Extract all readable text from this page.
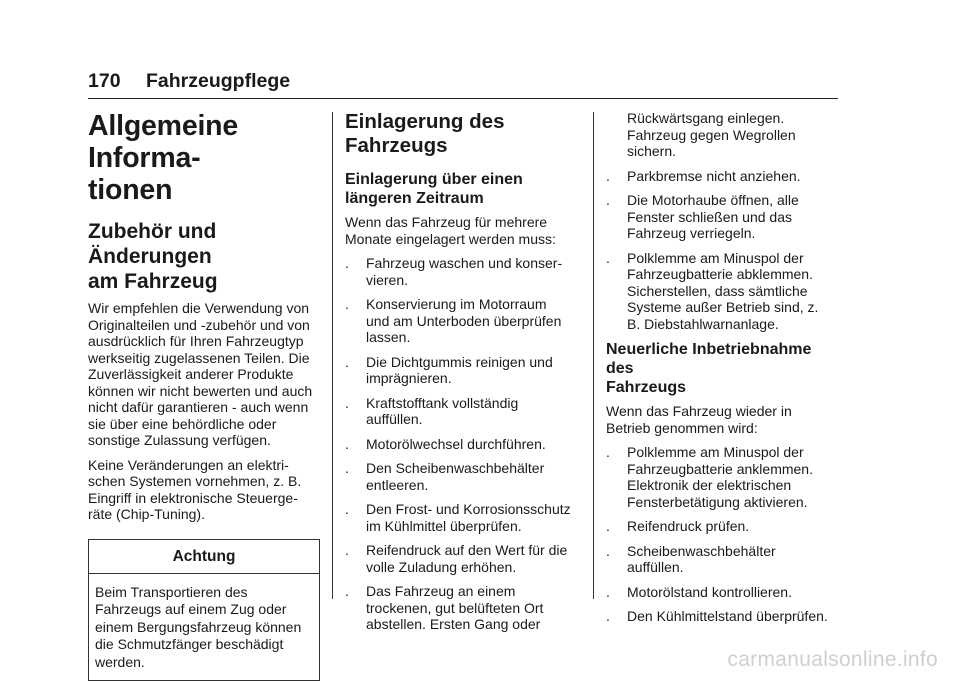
170 Fahrzeugpflege
Allgemeine Informa-
tionen
Zubehör und Änderungen
am Fahrzeug

Wir empfehlen die Verwendung von
Originalteilen und -zubehör und von
ausdrücklich für Ihren Fahrzeugtyp
werkseitig zugelassenen Teilen. Die
Zuverlässigkeit anderer Produkte
können wir nicht bewerten und auch
nicht dafür garantieren - auch wenn
sie über eine behördliche oder
sonstige Zulassung verfügen.

Keine Veränderungen an elektri-
schen Systemen vornehmen, z. B.
Eingriff in elektronische Steuerge-
räte (Chip-Tuning).

Achtung
Beim Transportieren des
Fahrzeugs auf einem Zug oder
einem Bergungsfahrzeug können
die Schmutzfänger beschädigt
werden.
Einlagerung des
Fahrzeugs
Einlagerung über einen
längeren Zeitraum

Wenn das Fahrzeug für mehrere
Monate eingelagert werden muss:

. Fahrzeug waschen und konser-
vieren.
. Konservierung im Motorraum
und am Unterboden überprüfen
lassen.
. Die Dichtgummis reinigen und
imprägnieren.
. Kraftstofftank vollständig
auffüllen.
. Motorölwechsel durchführen.
. Den Scheibenwaschbehälter
entleeren.
. Den Frost- und Korrosionsschutz
im Kühlmittel überprüfen.
. Reifendruck auf den Wert für die
volle Zuladung erhöhen.
. Das Fahrzeug an einem
trockenen, gut belüfteten Ort
abstellen. Ersten Gang oder
Rückwärtsgang einlegen.
Fahrzeug gegen Wegrollen
sichern.
. Parkbremse nicht anziehen.
. Die Motorhaube öffnen, alle
Fenster schließen und das
Fahrzeug verriegeln.
. Polklemme am Minuspol der
Fahrzeugbatterie abklemmen.
Sicherstellen, dass sämtliche
Systeme außer Betrieb sind, z.
B. Diebstahlwarnanlage.
Neuerliche Inbetriebnahme des
Fahrzeugs

Wenn das Fahrzeug wieder in
Betrieb genommen wird:

. Polklemme am Minuspol der
Fahrzeugbatterie anklemmen.
Elektronik der elektrischen
Fensterbetätigung aktivieren.
. Reifendruck prüfen.
. Scheibenwaschbehälter
auffüllen.
. Motorölstand kontrollieren.
. Den Kühlmittelstand überprüfen.
carmanualsonline.info
